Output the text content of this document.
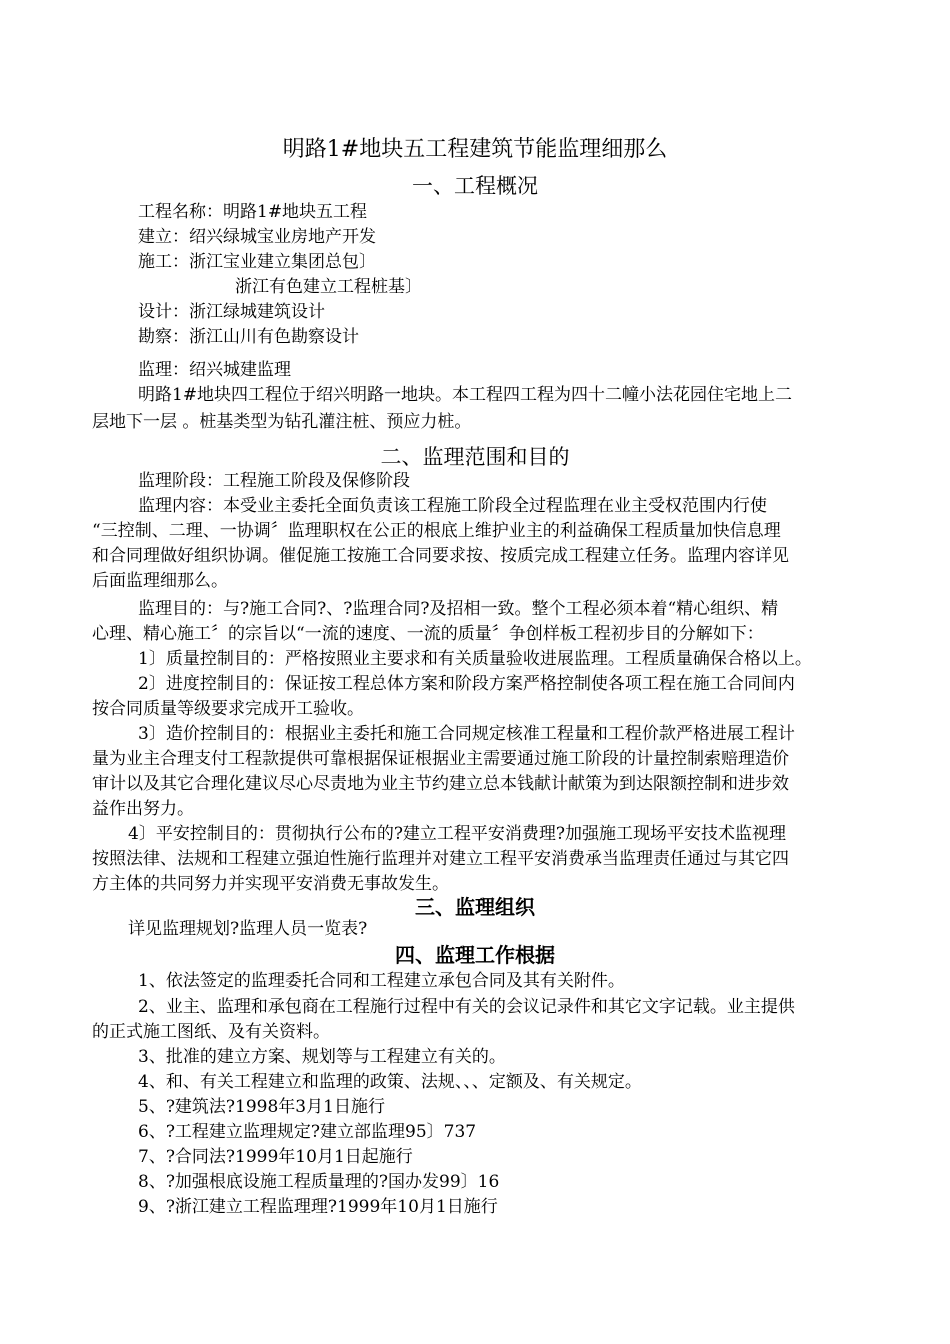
明路1#地块五工程建筑节能监理细那么
一、工程概况
工程名称：明路1#地块五工程
建立：绍兴绿城宝业房地产开发
施工：浙江宝业建立集团总包〕
浙江有色建立工程桩基〕
设计：浙江绿城建筑设计
勘察：浙江山川有色勘察设计
监理：绍兴城建监理
明路1#地块四工程位于绍兴明路一地块。本工程四工程为四十二幢小法花园住宅地上二
层地下一层 。桩基类型为钻孔灌注桩、预应力桩。
二、监理范围和目的
监理阶段：工程施工阶段及保修阶段
监理内容：本受业主委托全面负责该工程施工阶段全过程监理在业主受权范围内行使
“三控制、二理、一协调〞监理职权在公正的根底上维护业主的利益确保工程质量加快信息理
和合同理做好组织协调。催促施工按施工合同要求按、按质完成工程建立任务。监理内容详见
后面监理细那么。
监理目的：与?施工合同?、?监理合同?及招相一致。整个工程必须本着“精心组织、精
心理、精心施工〞的宗旨以“一流的速度、一流的质量〞争创样板工程初步目的分解如下：
1〕质量控制目的：严格按照业主要求和有关质量验收进展监理。工程质量确保合格以上。
2〕进度控制目的：保证按工程总体方案和阶段方案严格控制使各项工程在施工合同间内
按合同质量等级要求完成开工验收。
3〕造价控制目的：根据业主委托和施工合同规定核准工程量和工程价款严格进展工程计
量为业主合理支付工程款提供可靠根据保证根据业主需要通过施工阶段的计量控制索赔理造价
审计以及其它合理化建议尽心尽责地为业主节约建立总本钱献计献策为到达限额控制和进步效
益作出努力。
4〕平安控制目的：贯彻执行公布的?建立工程平安消费理?加强施工现场平安技术监视理
按照法律、法规和工程建立强迫性施行监理并对建立工程平安消费承当监理责任通过与其它四
方主体的共同努力并实现平安消费无事故发生。
三、监理组织
详见监理规划?监理人员一览表?
四、监理工作根据
1、依法签定的监理委托合同和工程建立承包合同及其有关附件。
2、业主、监理和承包商在工程施行过程中有关的会议记录件和其它文字记载。业主提供
的正式施工图纸、及有关资料。
3、批准的建立方案、规划等与工程建立有关的。
4、和、有关工程建立和监理的政策、法规、、、定额及、有关规定。
5、?建筑法?1998年3月1日施行
6、?工程建立监理规定?建立部监理95〕737
7、?合同法?1999年10月1日起施行
8、?加强根底设施工程质量理的?国办发99〕16
9、?浙江建立工程监理理?1999年10月1日施行
